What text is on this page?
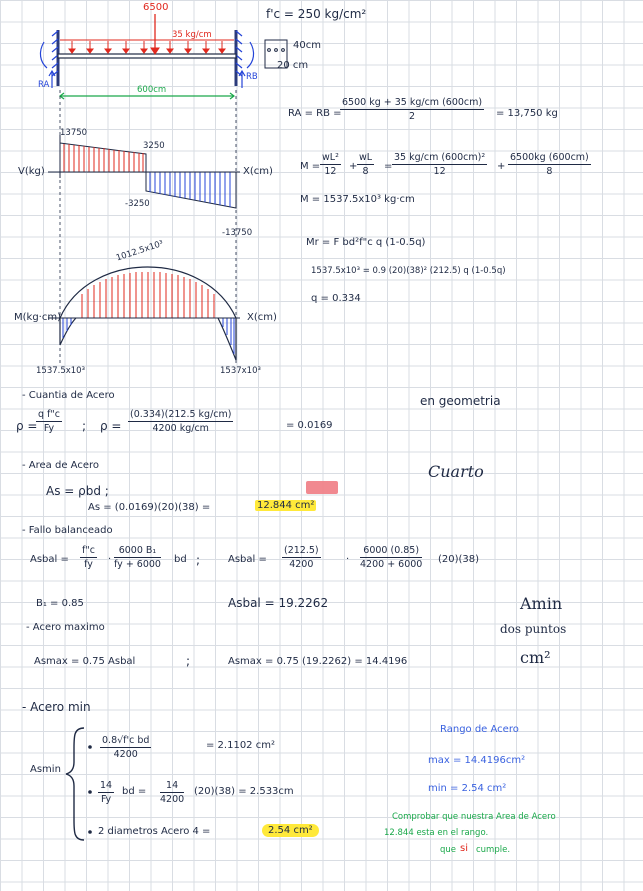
6500
35 kg/cm
f'c = 250 kg/cm²
40cm
20 cm
RA
RB
600cm
13750
3250
-3250
-13750
V(kg)	X(cm)
1012.5x10³
M(kg·cm)	X(cm)
1537.5x10³	1537x10³
RA = RB =
$\frac{6500 kg + 35 kg/cm (600cm)}{2} = 13,750$ kg
$M = \frac{\text{wL²}}{12} + \frac{wL}{8} = \frac{\text{35 kg/cm (600cm)²}}{12} + \frac{6500kg (600cm)}{8}$
M = 1537.5x10³ kg·cm
Mr = F bd²f"c q (1-0.5q)
1537.5x10³ = 0.9 (20)(38)² (212.5) q (1-0.5q)
q = 0.334
en geometria
- Cuantia de Acero
ρ =
$\frac{\text{q f"c}}{Fy}$ ; $\rho = \frac{(0.334)(212.5 kg/cm)}{4200 kg/cm}$	= 0.0169
Cuarto
- Area de Acero
As = ρbd ;
As = (0.0169)(20)(38) =	12.844 cm²
- Fallo balanceado
Asbal = $\frac{f"c}{fy} \cdot \frac{\text{6000 B₁}}{fy + 6000}$ bd ;	Asbal = $\frac{(212.5)}{4200}$	· $\frac{6000 (0.85)}{4200 + 6000} (20)(38)$
B₁ = 0.85	Asbal = 19.2262	Amin
dos puntos
cm²
- Acero maximo
Asmax = 0.75 Asbal	;	Asmax = 0.75 (19.2262) = 14.4196
- Acero min
Asmin
$\frac{\text{0.8√f'c bd}}{4200}$	= 2.1102 cm²
$\frac{14}{Fy}$ bd = $\frac{14}{4200} (20)(38) = 2.533cm$
2 diametros Acero 4 =	2.54 cm²
Rango de Acero
max = 14.4196cm²
min = 2.54 cm²
Comprobar que nuestra Area de Acero
12.844 esta en el rango.
que si cumple.
